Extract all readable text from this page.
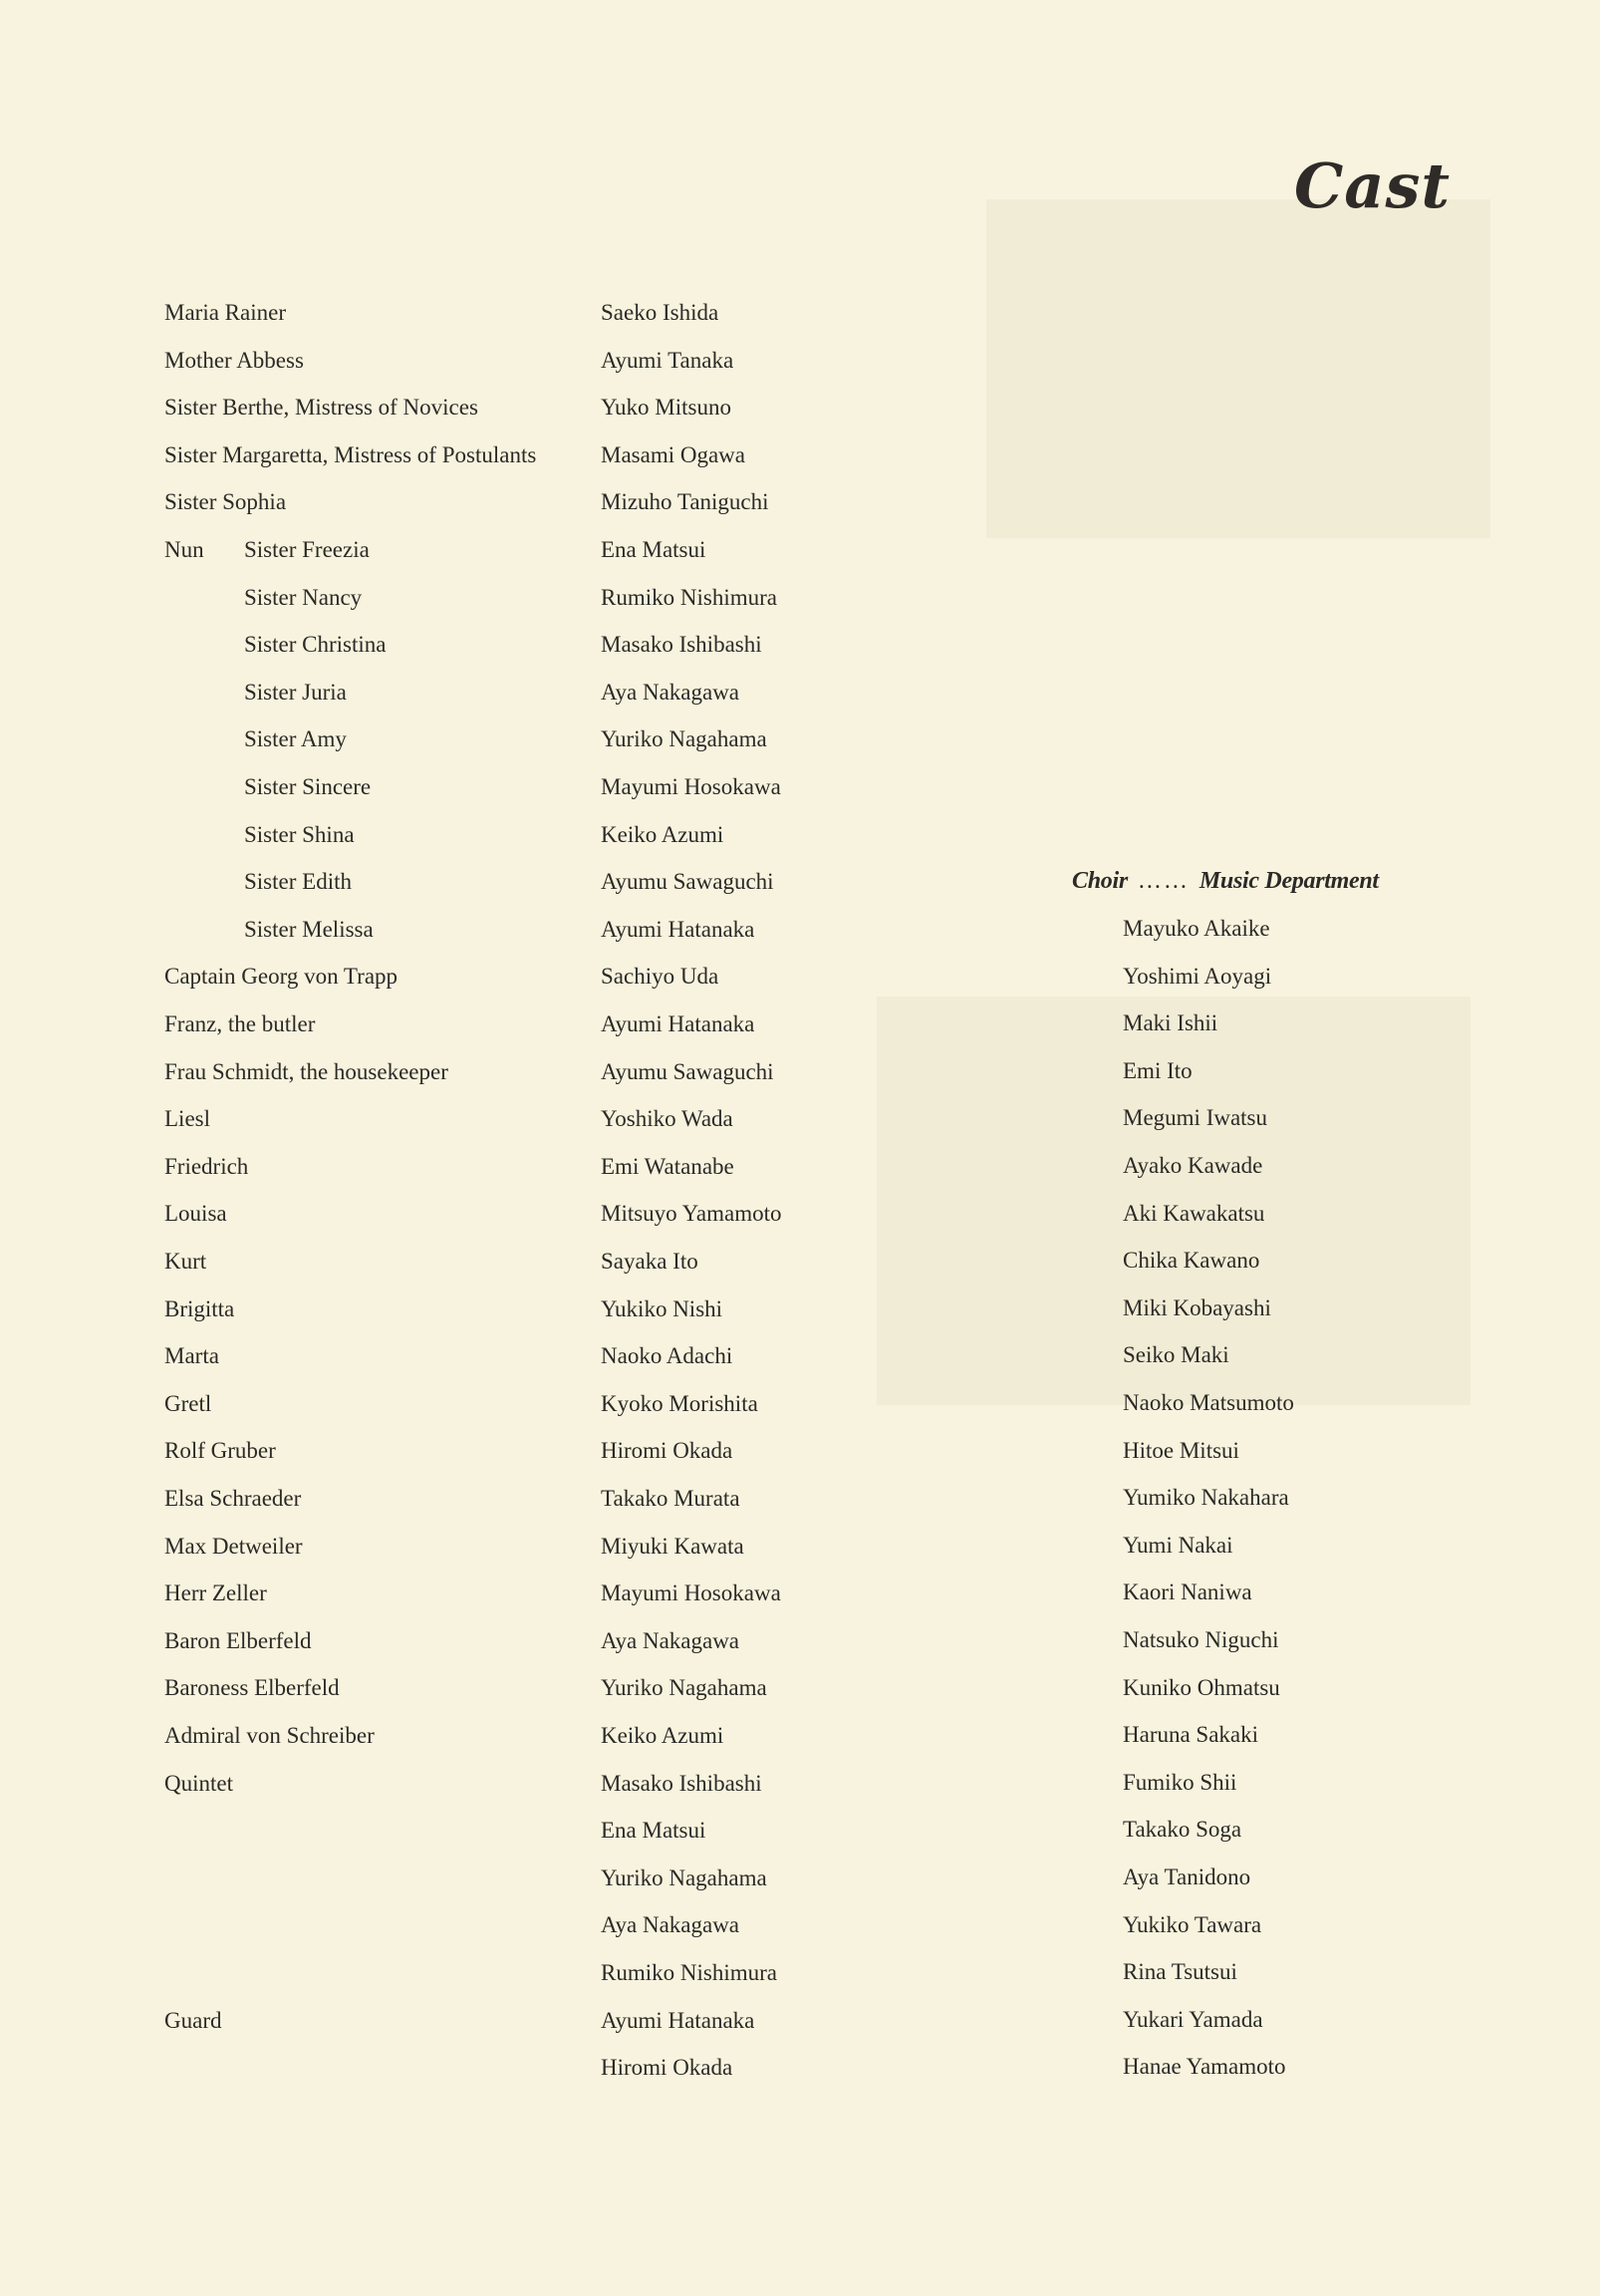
Cast
Maria Rainer	Saeko Ishida
Mother Abbess	Ayumi Tanaka
Sister Berthe, Mistress of Novices	Yuko Mitsuno
Sister Margaretta, Mistress of Postulants	Masami Ogawa
Sister Sophia	Mizuho Taniguchi
Nun Sister Freezia	Ena Matsui
Sister Nancy	Rumiko Nishimura
Sister Christina	Masako Ishibashi
Sister Juria	Aya Nakagawa
Sister Amy	Yuriko Nagahama
Sister Sincere	Mayumi Hosokawa
Sister Shina	Keiko Azumi
Sister Edith	Ayumu Sawaguchi
Sister Melissa	Ayumi Hatanaka
Captain Georg von Trapp	Sachiyo Uda
Franz, the butler	Ayumi Hatanaka
Frau Schmidt, the housekeeper	Ayumu Sawaguchi
Liesl	Yoshiko Wada
Friedrich	Emi Watanabe
Louisa	Mitsuyo Yamamoto
Kurt	Sayaka Ito
Brigitta	Yukiko Nishi
Marta	Naoko Adachi
Gretl	Kyoko Morishita
Rolf Gruber	Hiromi Okada
Elsa Schraeder	Takako Murata
Max Detweiler	Miyuki Kawata
Herr Zeller	Mayumi Hosokawa
Baron Elberfeld	Aya Nakagawa
Baroness Elberfeld	Yuriko Nagahama
Admiral von Schreiber	Keiko Azumi
Quintet	Masako Ishibashi
Ena Matsui
Yuriko Nagahama
Aya Nakagawa
Rumiko Nishimura
Guard	Ayumi Hatanaka
Hiromi Okada
Choir …… Music Department
Mayuko Akaike
Yoshimi Aoyagi
Maki Ishii
Emi Ito
Megumi Iwatsu
Ayako Kawade
Aki Kawakatsu
Chika Kawano
Miki Kobayashi
Seiko Maki
Naoko Matsumoto
Hitoe Mitsui
Yumiko Nakahara
Yumi Nakai
Kaori Naniwa
Natsuko Niguchi
Kuniko Ohmatsu
Haruna Sakaki
Fumiko Shii
Takako Soga
Aya Tanidono
Yukiko Tawara
Rina Tsutsui
Yukari Yamada
Hanae Yamamoto
